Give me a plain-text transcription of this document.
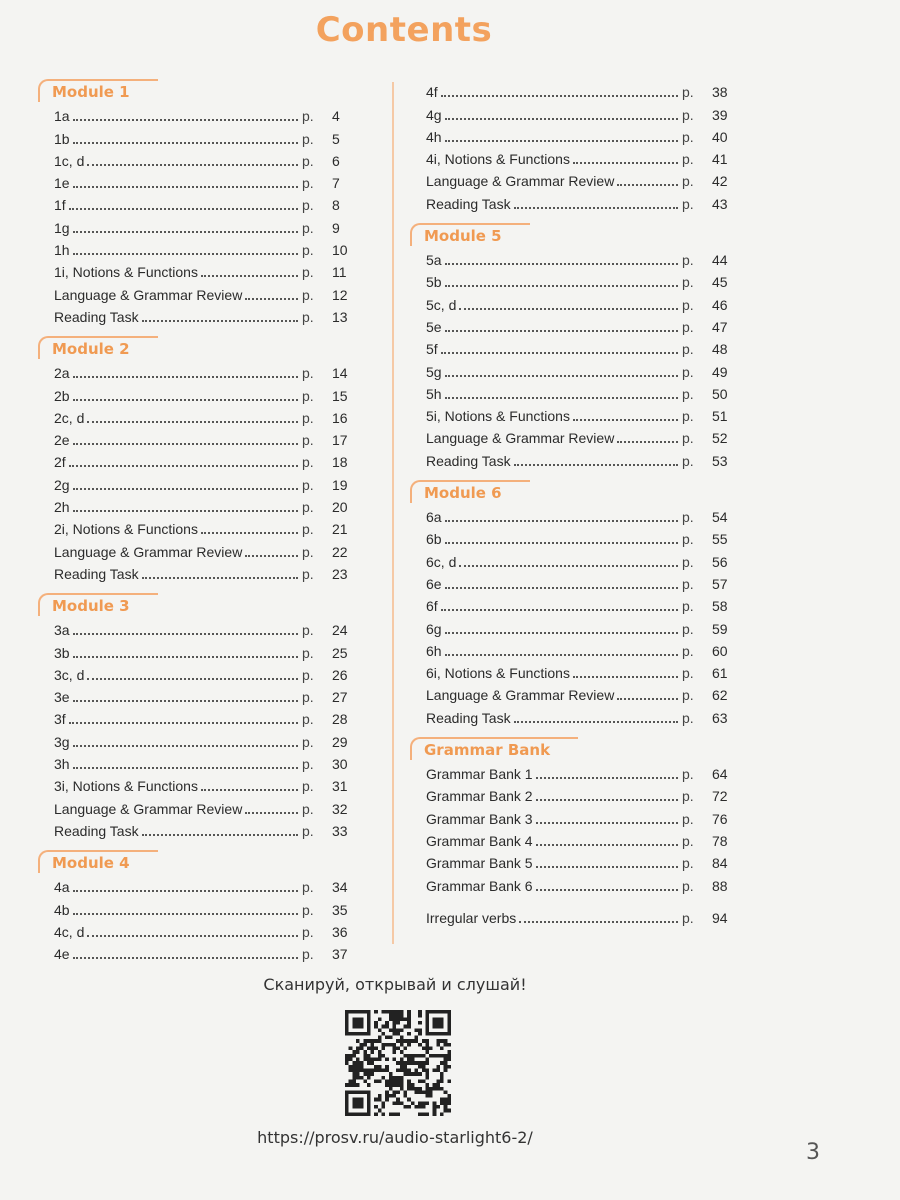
Contents
Module 1
1a	p.	4
1b	p.	5
1c, d	p.	6
1e	p.	7
1f	p.	8
1g	p.	9
1h	p.	10
1i, Notions & Functions	p.	11
Language & Grammar Review	p.	12
Reading Task	p.	13
Module 2
2a	p.	14
2b	p.	15
2c, d	p.	16
2e	p.	17
2f	p.	18
2g	p.	19
2h	p.	20
2i, Notions & Functions	p.	21
Language & Grammar Review	p.	22
Reading Task	p.	23
Module 3
3a	p.	24
3b	p.	25
3c, d	p.	26
3e	p.	27
3f	p.	28
3g	p.	29
3h	p.	30
3i, Notions & Functions	p.	31
Language & Grammar Review	p.	32
Reading Task	p.	33
Module 4
4a	p.	34
4b	p.	35
4c, d	p.	36
4e	p.	37
4f	p.	38
4g	p.	39
4h	p.	40
4i, Notions & Functions	p.	41
Language & Grammar Review	p.	42
Reading Task	p.	43
Module 5
5a	p.	44
5b	p.	45
5c, d	p.	46
5e	p.	47
5f	p.	48
5g	p.	49
5h	p.	50
5i, Notions & Functions	p.	51
Language & Grammar Review	p.	52
Reading Task	p.	53
Module 6
6a	p.	54
6b	p.	55
6c, d	p.	56
6e	p.	57
6f	p.	58
6g	p.	59
6h	p.	60
6i, Notions & Functions	p.	61
Language & Grammar Review	p.	62
Reading Task	p.	63
Grammar Bank
Grammar Bank 1	p.	64
Grammar Bank 2	p.	72
Grammar Bank 3	p.	76
Grammar Bank 4	p.	78
Grammar Bank 5	p.	84
Grammar Bank 6	p.	88
Irregular verbs	p.	94
Сканируй, открывай и слушай!
https://prosv.ru/audio-starlight6-2/
3
